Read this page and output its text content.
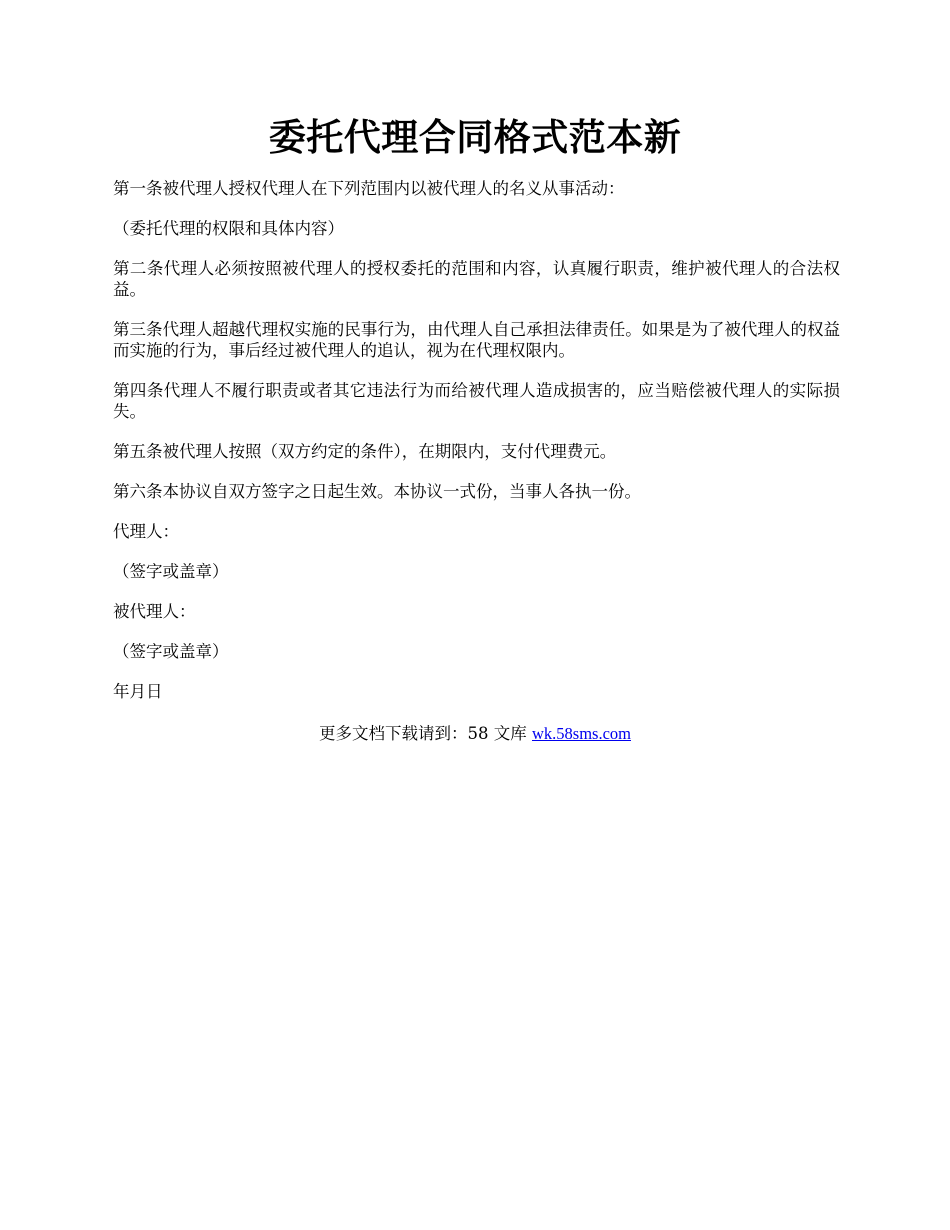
委托代理合同格式范本新

第一条被代理人授权代理人在下列范围内以被代理人的名义从事活动：

（委托代理的权限和具体内容）

第二条代理人必须按照被代理人的授权委托的范围和内容，认真履行职责，维护被代理人的合法权益。

第三条代理人超越代理权实施的民事行为，由代理人自己承担法律责任。如果是为了被代理人的权益而实施的行为，事后经过被代理人的追认，视为在代理权限内。

第四条代理人不履行职责或者其它违法行为而给被代理人造成损害的，应当赔偿被代理人的实际损失。

第五条被代理人按照（双方约定的条件），在期限内，支付代理费元。

第六条本协议自双方签字之日起生效。本协议一式份，当事人各执一份。

代理人：

（签字或盖章）

被代理人：

（签字或盖章）

年月日

更多文档下载请到：58 文库 wk.58sms.com
